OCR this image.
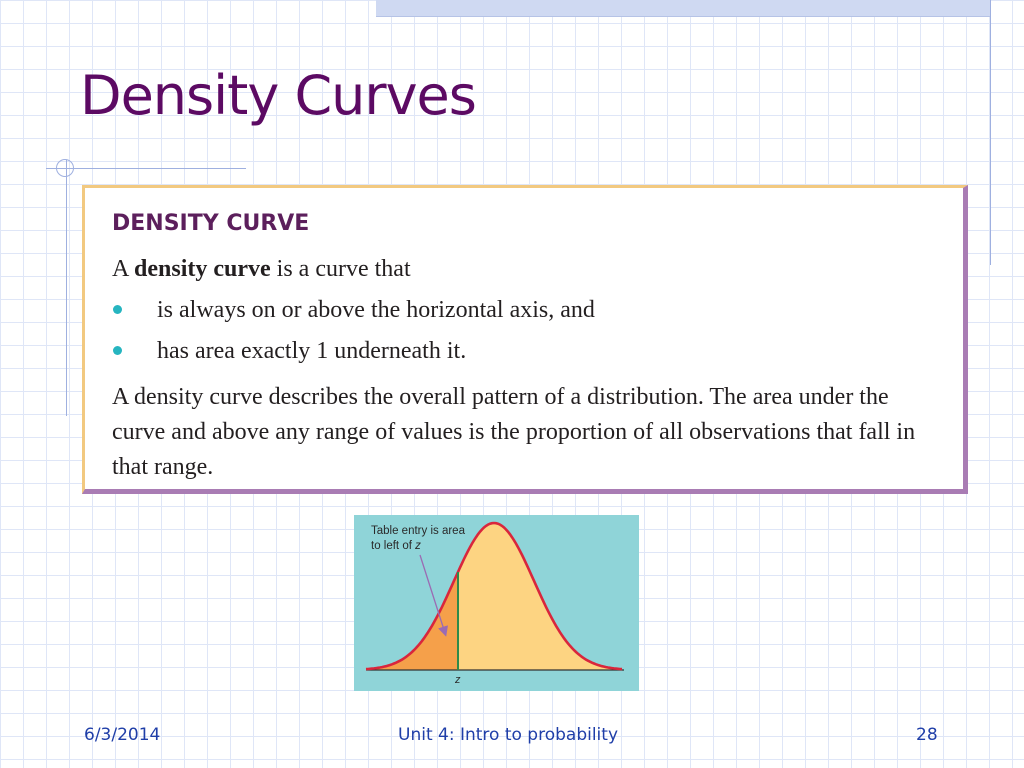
Density Curves
DENSITY CURVE
A density curve is a curve that
is always on or above the horizontal axis, and
has area exactly 1 underneath it.
A density curve describes the overall pattern of a distribution. The area under the curve and above any range of values is the proportion of all observations that fall in that range.
Table entry is area
to left of z
z
6/3/2014	Unit 4: Intro to probability	28
